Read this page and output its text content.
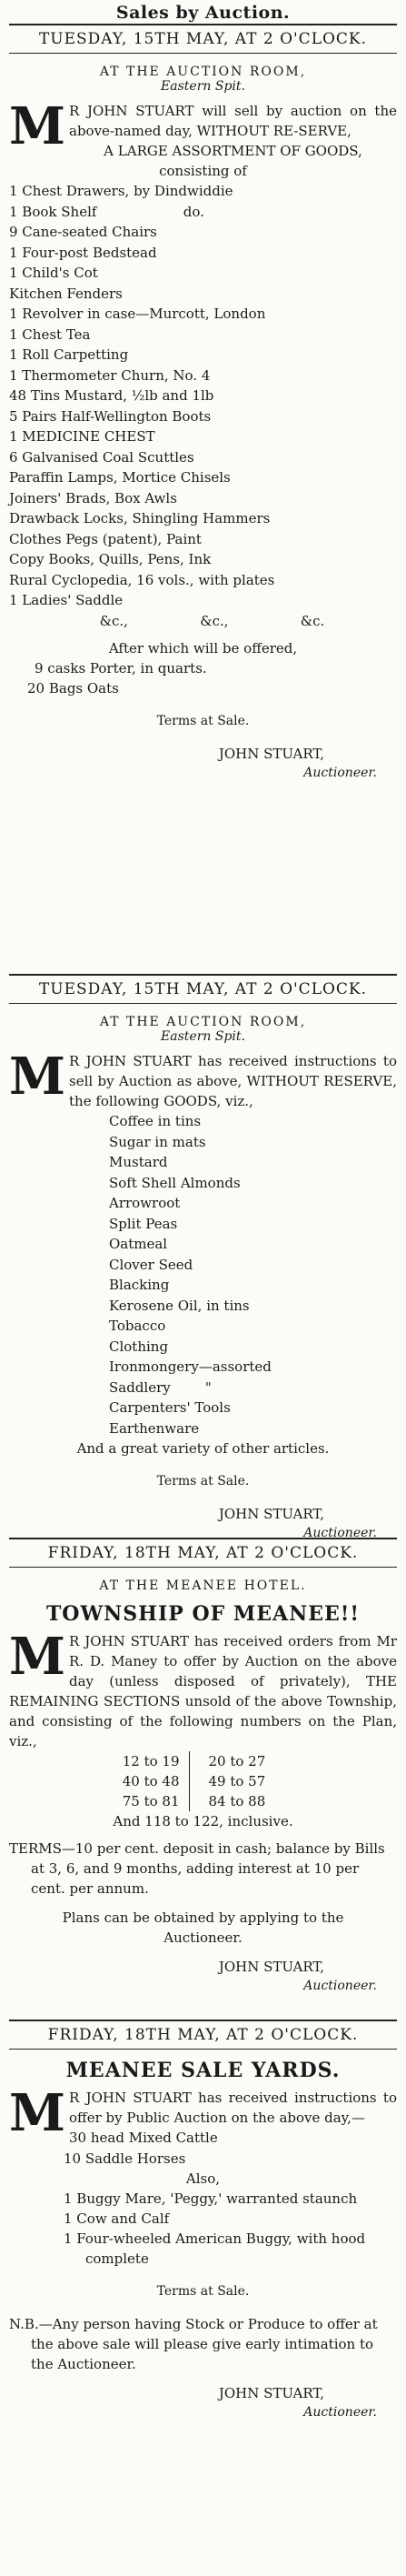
Sales by Auction.
TUESDAY, 15TH MAY, AT 2 O'CLOCK.
AT THE AUCTION ROOM,
Eastern Spit.

M R JOHN STUART will sell by auction on the above-named day, WITHOUT RE-SERVE,

A LARGE ASSORTMENT OF GOODS,

consisting of

1 Chest Drawers, by Dindwiddie
1 Book Shelf                    do.
9 Cane-seated Chairs
1 Four-post Bedstead
1 Child's Cot
Kitchen Fenders
1 Revolver in case—Murcott, London
1 Chest Tea
1 Roll Carpetting
1 Thermometer Churn, No. 4
48 Tins Mustard, ½lb and 1lb
5 Pairs Half-Wellington Boots
1 MEDICINE CHEST
6 Galvanised Coal Scuttles
Paraffin Lamps, Mortice Chisels
Joiners' Brads, Box Awls
Drawback Locks, Shingling Hammers
Clothes Pegs (patent), Paint
Copy Books, Quills, Pens, Ink
Rural Cyclopedia, 16 vols., with plates
1 Ladies' Saddle
&c.,	&c.,	&c.

After which will be offered,

9 casks Porter, in quarts.

20 Bags Oats

Terms at Sale.

JOHN STUART,

Auctioneer.

TUESDAY, 15TH MAY, AT 2 O'CLOCK.
AT THE AUCTION ROOM,
Eastern Spit.

M R JOHN STUART has received instructions to sell by Auction as above, WITHOUT RESERVE, the following GOODS, viz.,

Coffee in tins
Sugar in mats
Mustard
Soft Shell Almonds
Arrowroot
Split Peas
Oatmeal
Clover Seed
Blacking
Kerosene Oil, in tins
Tobacco
Clothing
Ironmongery—assorted
Saddlery        "
Carpenters' Tools
Earthenware

And a great variety of other articles.

Terms at Sale.

JOHN STUART,

Auctioneer.

FRIDAY, 18TH MAY, AT 2 O'CLOCK.
AT THE MEANEE HOTEL.
TOWNSHIP OF MEANEE!!

M R JOHN STUART has received orders from Mr R. D. Maney to offer by Auction on the above day (unless disposed of privately), THE REMAINING SECTIONS unsold of the above Township, and consisting of the following numbers on the Plan, viz.,

12 to 19
40 to 48
75 to 81
20 to 27
49 to 57
84 to 88

And 118 to 122, inclusive.

TERMS—10 per cent. deposit in cash; balance by Bills at 3, 6, and 9 months, adding interest at 10 per cent. per annum.

Plans can be obtained by applying to the Auctioneer.

JOHN STUART,

Auctioneer.

FRIDAY, 18TH MAY, AT 2 O'CLOCK.
MEANEE SALE YARDS.

M R JOHN STUART has received instructions to offer by Public Auction on the above day,—

30 head Mixed Cattle
10 Saddle Horses

Also,

1 Buggy Mare, 'Peggy,' warranted staunch

1 Cow and Calf

1 Four-wheeled American Buggy, with hood complete

Terms at Sale.

N.B.—Any person having Stock or Produce to offer at the above sale will please give early intimation to the Auctioneer.

JOHN STUART,

Auctioneer.
